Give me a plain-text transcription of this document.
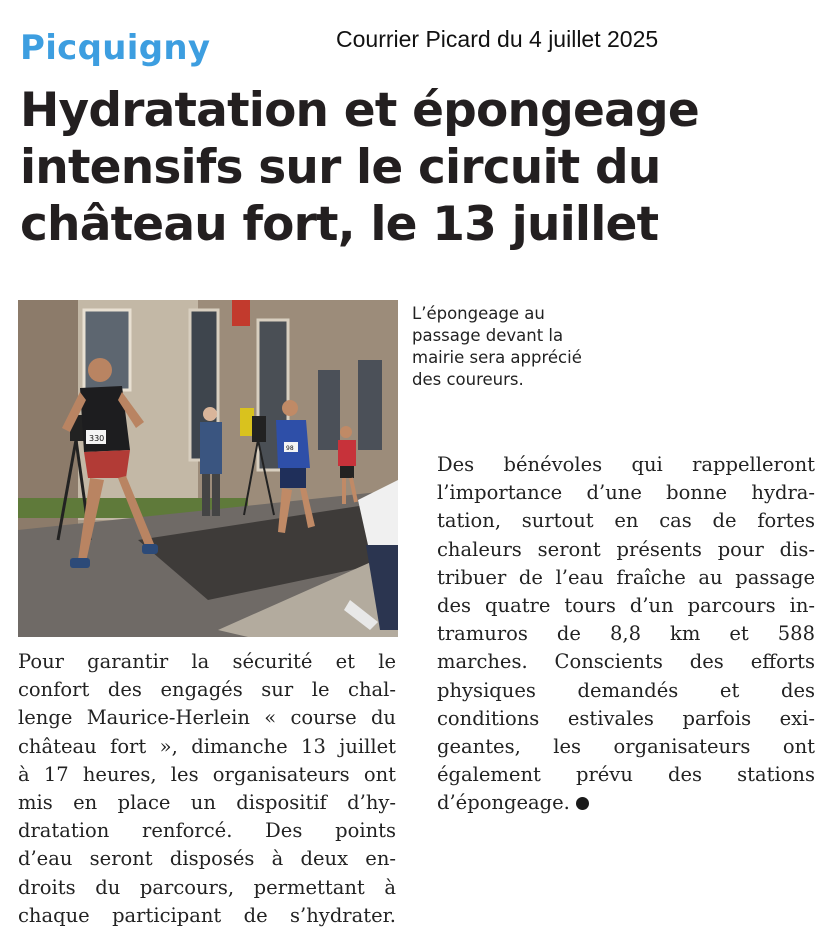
Picquigny	Courrier Picard du 4 juillet 2025
Hydratation et épongeage
intensifs sur le circuit du
château fort, le 13 juillet
330
98
L’épongeage au
passage devant la
mairie sera apprécié
des coureurs.
Pour garantir la sécurité et le
confort des engagés sur le chal-
lenge Maurice-Herlein « course du
château fort », dimanche 13 juillet
à 17 heures, les organisateurs ont
mis en place un dispositif d’hy-
dratation renforcé. Des points
d’eau seront disposés à deux en-
droits du parcours, permettant à
chaque participant de s’hydrater.
Des bénévoles qui rappelleront
l’importance d’une bonne hydra-
tation, surtout en cas de fortes
chaleurs seront présents pour dis-
tribuer de l’eau fraîche au passage
des quatre tours d’un parcours in-
tramuros de 8,8 km et 588
marches. Conscients des efforts
physiques demandés et des
conditions estivales parfois exi-
geantes, les organisateurs ont
également prévu des stations
d’épongeage.
